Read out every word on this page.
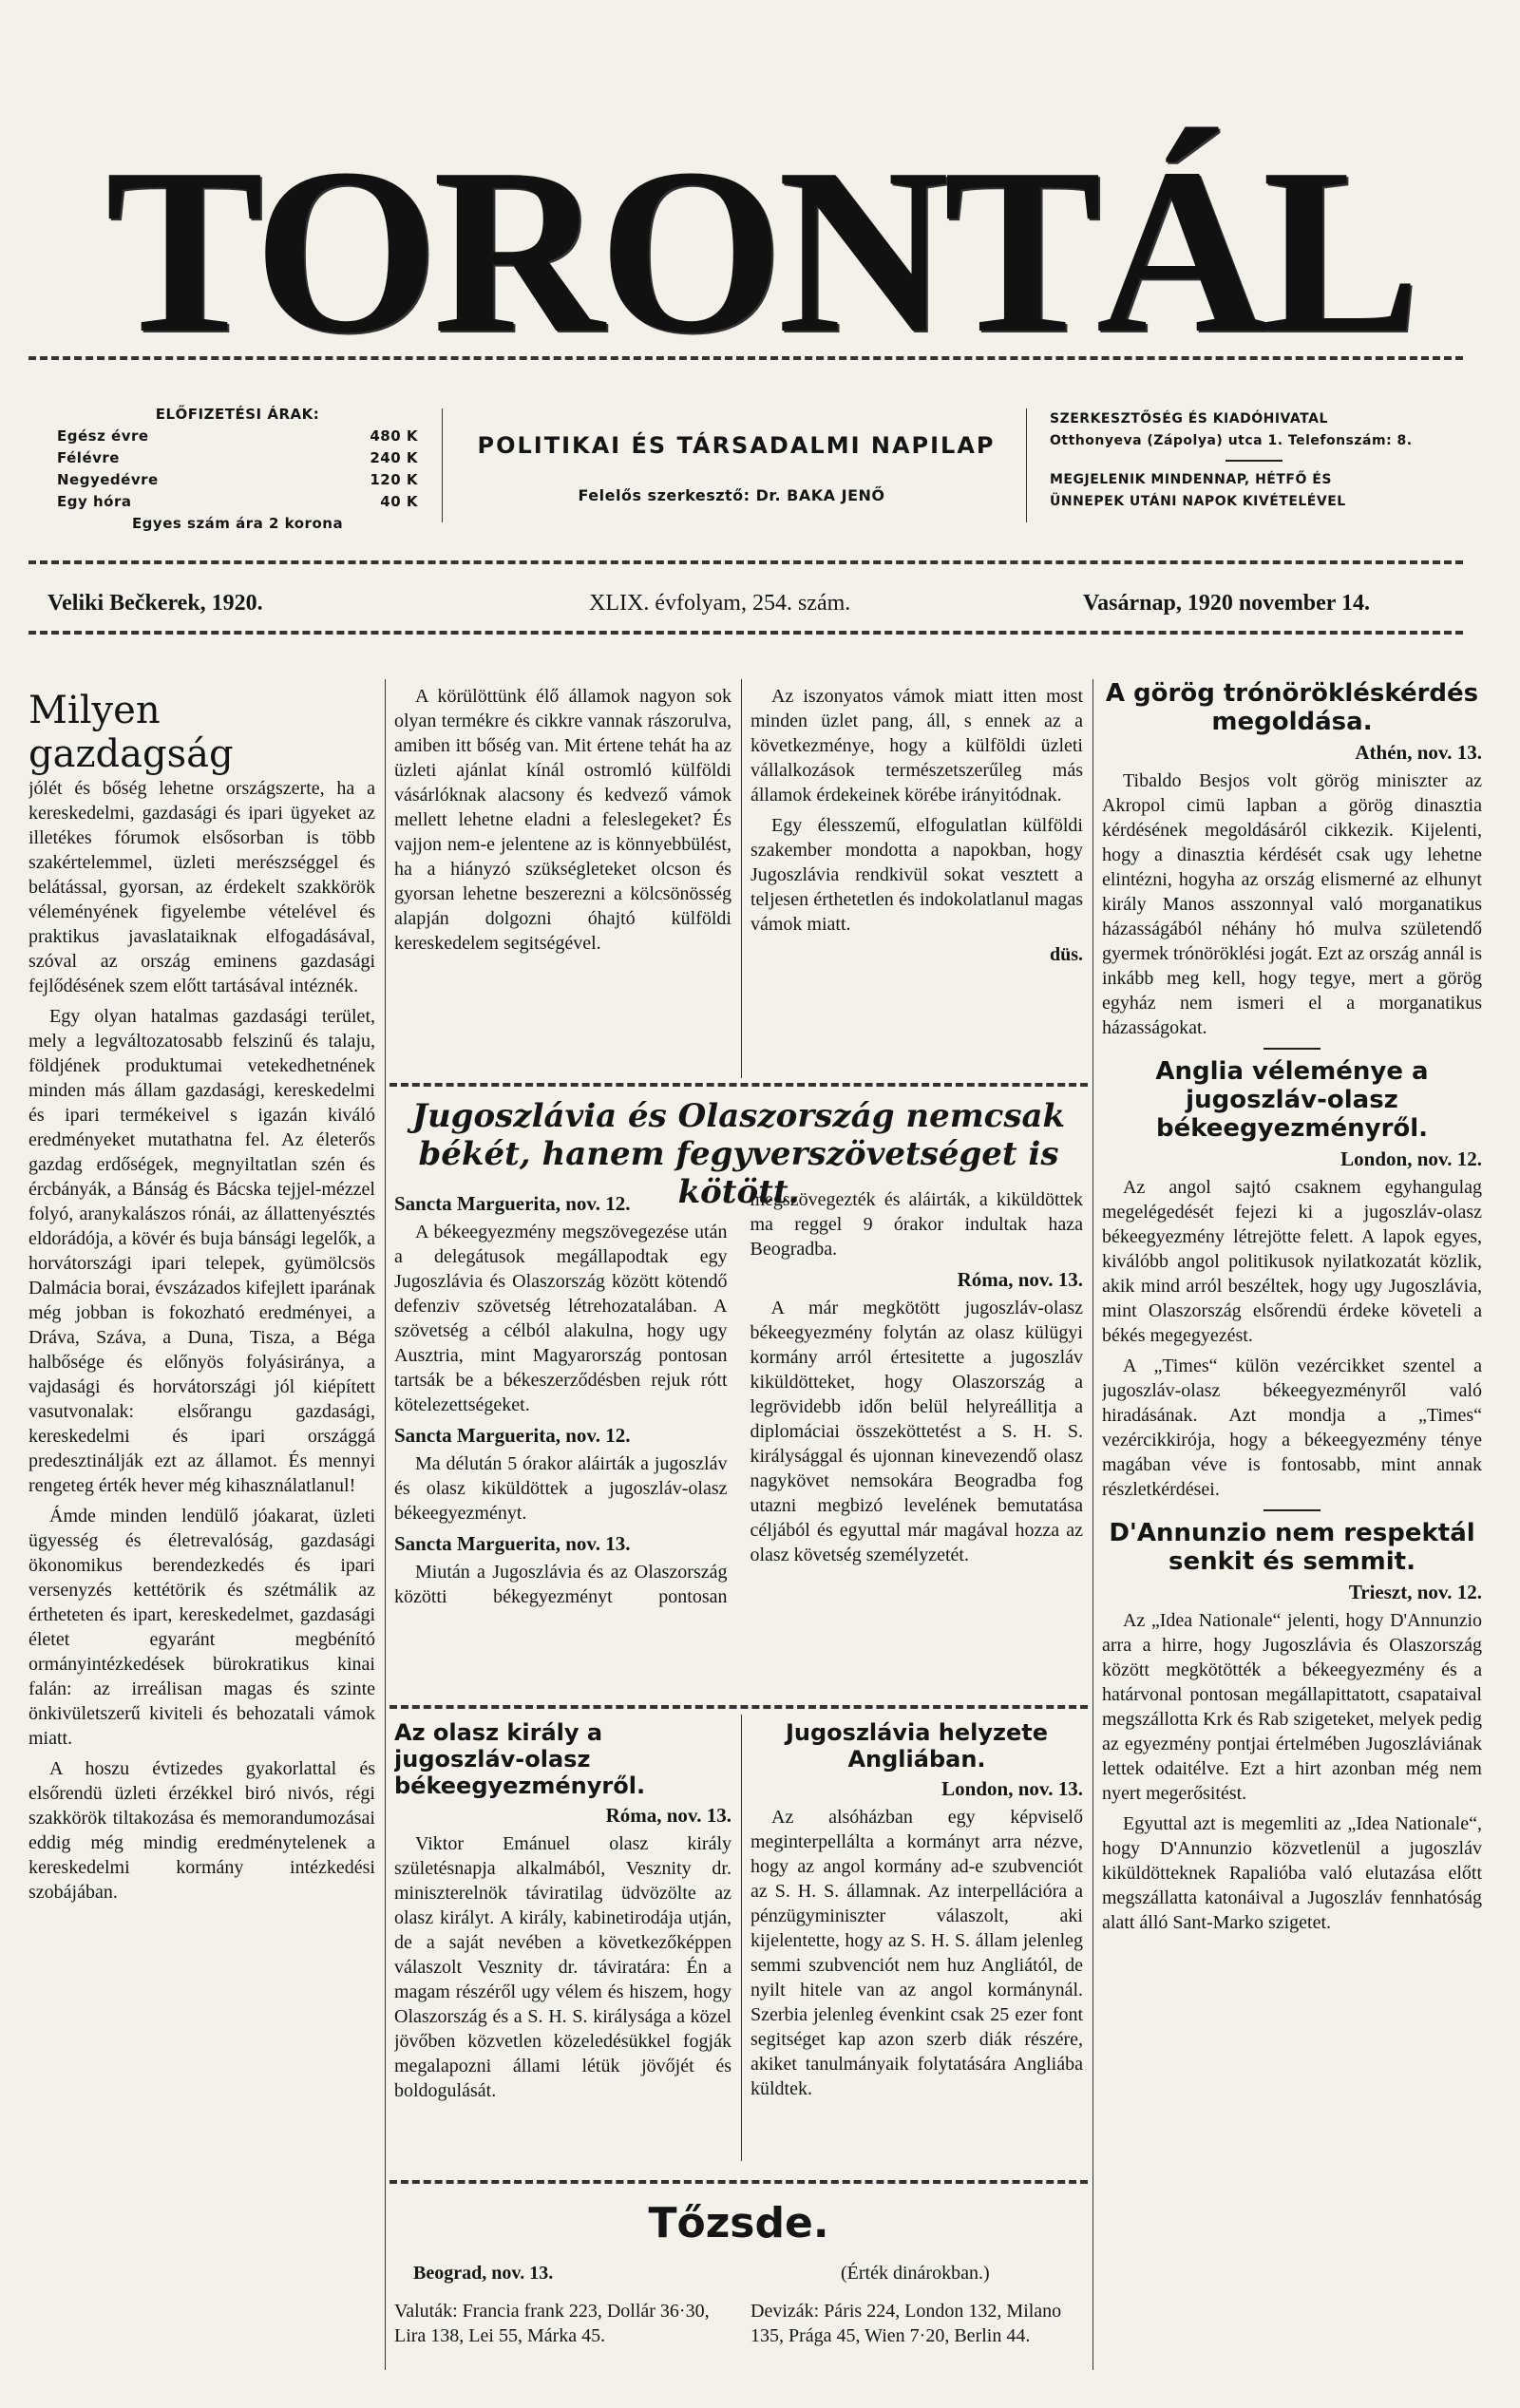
TORONTÁL
ELŐFIZETÉSI ÁRAK:
Egész évre	480 K
Félévre	240 K
Negyedévre	120 K
Egy hóra	40 K
Egyes szám ára 2 korona
POLITIKAI ÉS TÁRSADALMI NAPILAP
Felelős szerkesztő: Dr. BAKA JENŐ
SZERKESZTŐSÉG ÉS KIADÓHIVATAL
Otthonyeva (Zápolya) utca 1. Telefonszám: 8.
MEGJELENIK MINDENNAP, HÉTFŐ ÉS
ÜNNEPEK UTÁNI NAPOK KIVÉTELÉVEL
Veliki Bečkerek, 1920.	XLIX. évfolyam, 254. szám.	Vasárnap, 1920 november 14.
Milyen gazdagság

jólét és bőség lehetne országszerte, ha a kereskedelmi, gazdasági és ipari ügyeket az illetékes fórumok elsősorban is több szakértelemmel, üzleti merészséggel és belátással, gyorsan, az érdekelt szakkörök véleményének figyelembe vételével és praktikus javaslataiknak elfogadásával, szóval az ország eminens gazdasági fejlődésének szem előtt tartásával intéznék.

Egy olyan hatalmas gazdasági terület, mely a legváltozatosabb felszinű és talaju, földjének produktumai vetekedhetnének minden más állam gazdasági, kereskedelmi és ipari termékeivel s igazán kiváló eredményeket mutathatna fel. Az életerős gazdag erdőségek, megnyiltatlan szén és ércbányák, a Bánság és Bácska tejjel-mézzel folyó, aranykalászos rónái, az állattenyésztés eldorádója, a kövér és buja bánsági legelők, a horvátországi ipari telepek, gyümölcsös Dalmácia borai, évszázados kifejlett iparának még jobban is fokozható eredményei, a Dráva, Száva, a Duna, Tisza, a Béga halbősége és előnyös folyásiránya, a vajdasági és horvátországi jól kiépített vasutvonalak: elsőrangu gazdasági, kereskedelmi és ipari országgá predesztinálják ezt az államot. És mennyi rengeteg érték hever még kihasználatlanul!

Ámde minden lendülő jóakarat, üzleti ügyesség és életrevalóság, gazdasági ökonomikus berendezkedés és ipari versenyzés kettétörik és szétmálik az értheteten és ipart, kereskedelmet, gazdasági életet egyaránt megbénító ormányintézkedések bürokratikus kinai falán: az irreálisan magas és szinte önkivületszerű kiviteli és behozatali vámok miatt.

A hoszu évtizedes gyakorlattal és elsőrendü üzleti érzékkel biró nivós, régi szakkörök tiltakozása és memorandumozásai eddig még mindig eredménytelenek a kereskedelmi kormány intézkedési szobájában.

A körülöttünk élő államok nagyon sok olyan termékre és cikkre vannak rászorulva, amiben itt bőség van. Mit értene tehát ha az üzleti ajánlat kínál ostromló külföldi vásárlóknak alacsony és kedvező vámok mellett lehetne eladni a feleslegeket? És vajjon nem-e jelentene az is könnyebbülést, ha a hiányzó szükségleteket olcson és gyorsan lehetne beszerezni a kölcsönösség alapján dolgozni óhajtó külföldi kereskedelem segitségével.

Az iszonyatos vámok miatt itten most minden üzlet pang, áll, s ennek az a következménye, hogy a külföldi üzleti vállalkozások természetszerűleg más államok érdekeinek körébe irányitódnak.

Egy élesszemű, elfogulatlan külföldi szakember mondotta a napokban, hogy Jugoszlávia rendkivül sokat vesztett a teljesen érthetetlen és indokolatlanul magas vámok miatt.

düs.
Jugoszlávia és Olaszország nemcsak békét, hanem fegyverszövetséget is kötött.
Sancta Marguerita, nov. 12.

A békeegyezmény megszövegezése után a delegátusok megállapodtak egy Jugoszlávia és Olaszország között kötendő defenziv szövetség létrehozatalában. A szövetség a célból alakulna, hogy ugy Ausztria, mint Magyarország pontosan tartsák be a békeszerződésben rejuk rótt kötelezettségeket.

Sancta Marguerita, nov. 12.

Ma délután 5 órakor aláirták a jugoszláv és olasz kiküldöttek a jugoszláv-olasz békeegyezményt.

Sancta Marguerita, nov. 13.

Miután a Jugoszlávia és az Olaszország közötti békegyezményt pontosan megszövegezték és aláirták, a kiküldöttek ma reggel 9 órakor indultak haza Beogradba.

Róma, nov. 13.

A már megkötött jugoszláv-olasz békeegyezmény folytán az olasz külügyi kormány arról értesitette a jugoszláv kiküldötteket, hogy Olaszország a legrövidebb időn belül helyreállitja a diplomáciai összeköttetést a S. H. S. királysággal és ujonnan kinevezendő olasz nagykövet nemsokára Beogradba fog utazni megbizó levelének bemutatása céljából és egyuttal már magával hozza az olasz követség személyzetét.

Az olasz király a jugoszláv-olasz békeegyezményről.
Róma, nov. 13.

Viktor Emánuel olasz király születésnapja alkalmából, Vesznity dr. miniszterelnök táviratilag üdvözölte az olasz királyt. A király, kabinetirodája utján, de a saját nevében a következőképpen válaszolt Vesznity dr. táviratára: Én a magam részéről ugy vélem és hiszem, hogy Olaszország és a S. H. S. királysága a közel jövőben közvetlen közeledésükkel fogják megalapozni állami létük jövőjét és boldogulását.

Jugoszlávia helyzete Angliában.
London, nov. 13.

Az alsóházban egy képviselő meginterpellálta a kormányt arra nézve, hogy az angol kormány ad-e szubvenciót az S. H. S. államnak. Az interpellációra a pénzügyminiszter válaszolt, aki kijelentette, hogy az S. H. S. állam jelenleg semmi szubvenciót nem huz Angliától, de nyilt hitele van az angol kormánynál. Szerbia jelenleg évenkint csak 25 ezer font segitséget kap azon szerb diák részére, akiket tanulmányaik folytatására Angliába küldtek.

Tőzsde.
Beograd, nov. 13.	(Érték dinárokban.)
Valuták: Francia frank 223, Dollár 36·30, Lira 138, Lei 55, Márka 45.
Devizák: Páris 224, London 132, Milano 135, Prága 45, Wien 7·20, Berlin 44.
A görög trónörökléskérdés megoldása.
Athén, nov. 13.

Tibaldo Besjos volt görög miniszter az Akropol cimü lapban a görög dinasztia kérdésének megoldásáról cikkezik. Kijelenti, hogy a dinasztia kérdését csak ugy lehetne elintézni, hogyha az ország elismerné az elhunyt király Manos asszonnyal való morganatikus házasságából néhány hó mulva születendő gyermek trónöröklési jogát. Ezt az ország annál is inkább meg kell, hogy tegye, mert a görög egyház nem ismeri el a morganatikus házasságokat.

Anglia véleménye a jugoszláv-olasz békeegyezményről.
London, nov. 12.

Az angol sajtó csaknem egyhangulag megelégedését fejezi ki a jugoszláv-olasz békeegyezmény létrejötte felett. A lapok egyes, kiválóbb angol politikusok nyilatkozatát közlik, akik mind arról beszéltek, hogy ugy Jugoszlávia, mint Olaszország elsőrendü érdeke követeli a békés megegyezést.

A „Times“ külön vezércikket szentel a jugoszláv-olasz békeegyezményről való hiradásának. Azt mondja a „Times“ vezércikkirója, hogy a békeegyezmény ténye magában véve is fontosabb, mint annak részletkérdései.

D'Annunzio nem respektál senkit és semmit.
Trieszt, nov. 12.

Az „Idea Nationale“ jelenti, hogy D'Annunzio arra a hirre, hogy Jugoszlávia és Olaszország között megkötötték a békeegyezmény és a határvonal pontosan megállapittatott, csapataival megszállotta Krk és Rab szigeteket, melyek pedig az egyezmény pontjai értelmében Jugoszláviának lettek odaitélve. Ezt a hirt azonban még nem nyert megerősitést.

Egyuttal azt is megemliti az „Idea Nationale“, hogy D'Annunzio közvetlenül a jugoszláv kiküldötteknek Rapalióba való elutazása előtt megszállatta katonáival a Jugoszláv fennhatóság alatt álló Sant-Marko szigetet.
